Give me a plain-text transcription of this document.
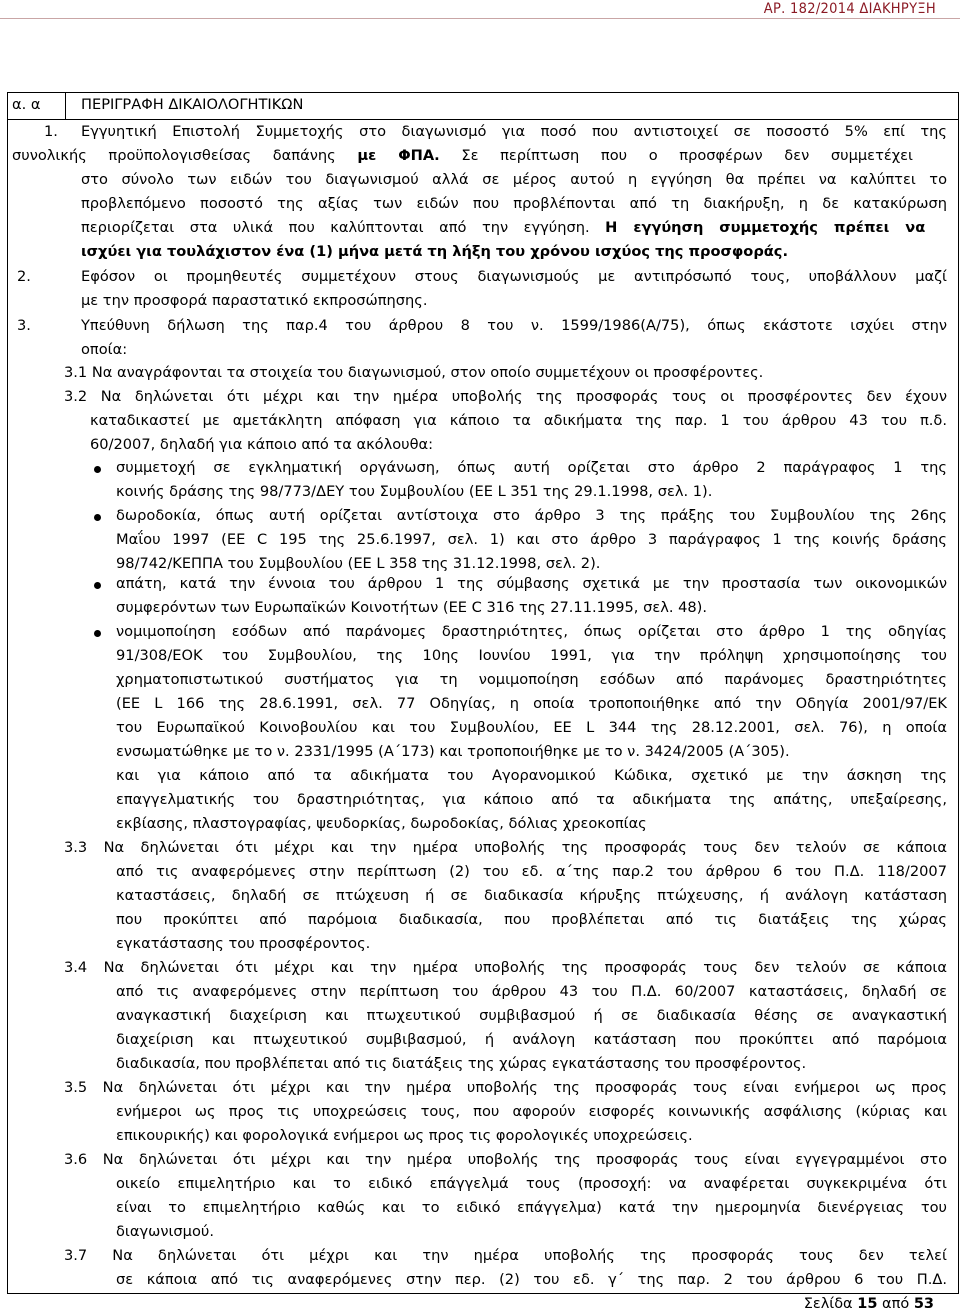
ΑΡ. 182/2014 ΔΙΑΚΗΡΥΞΗ
α. α	ΠΕΡΙΓΡΑΦΗ ΔΙΚΑΙΟΛΟΓΗΤΙΚΩΝ
1. Εγγυητική Επιστολή Συμμετοχής στο διαγωνισμό για ποσό που αντιστοιχεί σε ποσοστό 5% επί της
συνολικής προϋπολογισθείσας δαπάνης με ΦΠΑ. Σε περίπτωση που ο προσφέρων δεν συμμετέχει
στο σύνολο των ειδών του διαγωνισμού αλλά σε μέρος αυτού η εγγύηση θα πρέπει να καλύπτει το
προβλεπόμενο ποσοστό της αξίας των ειδών που προβλέπονται από τη διακήρυξη, η δε κατακύρωση
περιορίζεται στα υλικά που καλύπτονται από την εγγύηση. Η εγγύηση συμμετοχής πρέπει να
ισχύει για τουλάχιστον ένα (1) μήνα μετά τη λήξη του χρόνου ισχύος της προσφοράς.
2.	Εφόσον οι προμηθευτές συμμετέχουν στους διαγωνισμούς με αντιπρόσωπό τους, υποβάλλουν μαζί
με την προσφορά παραστατικό εκπροσώπησης.
3.	Υπεύθυνη δήλωση της παρ.4 του άρθρου 8 του ν. 1599/1986(Α/75), όπως εκάστοτε ισχύει στην
οποία:
3.1 Να αναγράφονται τα στοιχεία του διαγωνισμού, στον οποίο συμμετέχουν οι προσφέροντες.
3.2 Να δηλώνεται ότι μέχρι και την ημέρα υποβολής της προσφοράς τους οι προσφέροντες δεν έχουν
καταδικαστεί με αμετάκλητη απόφαση για κάποιο τα αδικήματα της παρ. 1 του άρθρου 43 του π.δ.
60/2007, δηλαδή για κάποιο από τα ακόλουθα:
συμμετοχή σε εγκληματική οργάνωση, όπως αυτή ορίζεται στο άρθρο 2 παράγραφος 1 της
κοινής δράσης της 98/773/ΔΕΥ του Συμβουλίου (ΕΕ L 351 της 29.1.1998, σελ. 1).
δωροδοκία, όπως αυτή ορίζεται αντίστοιχα στο άρθρο 3 της πράξης του Συμβουλίου της 26ης
Μαΐου 1997 (ΕΕ C 195 της 25.6.1997, σελ. 1) και στο άρθρο 3 παράγραφος 1 της κοινής δράσης
98/742/ΚΕΠΠΑ του Συμβουλίου (ΕΕ L 358 της 31.12.1998, σελ. 2).
απάτη, κατά την έννοια του άρθρου 1 της σύμβασης σχετικά με την προστασία των οικονομικών
συμφερόντων των Ευρωπαϊκών Κοινοτήτων (ΕΕ C 316 της 27.11.1995, σελ. 48).
νομιμοποίηση εσόδων από παράνομες δραστηριότητες, όπως ορίζεται στο άρθρο 1 της οδηγίας
91/308/ΕΟΚ του Συμβουλίου, της 10ης Ιουνίου 1991, για την πρόληψη χρησιμοποίησης του
χρηματοπιστωτικού συστήματος για τη νομιμοποίηση εσόδων από παράνομες δραστηριότητες
(ΕΕ L 166 της 28.6.1991, σελ. 77 Οδηγίας, η οποία τροποποιήθηκε από την Οδηγία 2001/97/ΕΚ
του Ευρωπαϊκού Κοινοβουλίου και του Συμβουλίου, ΕΕ L 344 της 28.12.2001, σελ. 76), η οποία
ενσωματώθηκε με το ν. 2331/1995 (Α΄173) και τροποποιήθηκε με το ν. 3424/2005 (Α΄305).
και για κάποιο από τα αδικήματα του Αγορανομικού Κώδικα, σχετικό με την άσκηση της
επαγγελματικής του δραστηριότητας, για κάποιο από τα αδικήματα της απάτης, υπεξαίρεσης,
εκβίασης, πλαστογραφίας, ψευδορκίας, δωροδοκίας, δόλιας χρεοκοπίας
3.3 Να δηλώνεται ότι μέχρι και την ημέρα υποβολής της προσφοράς τους δεν τελούν σε κάποια
από τις αναφερόμενες στην περίπτωση (2) του εδ. α΄της παρ.2 του άρθρου 6 του Π.Δ. 118/2007
καταστάσεις, δηλαδή σε πτώχευση ή σε διαδικασία κήρυξης πτώχευσης, ή ανάλογη κατάσταση
που προκύπτει από παρόμοια διαδικασία, που προβλέπεται από τις διατάξεις της χώρας
εγκατάστασης του προσφέροντος.
3.4 Να δηλώνεται ότι μέχρι και την ημέρα υποβολής της προσφοράς τους δεν τελούν σε κάποια
από τις αναφερόμενες στην περίπτωση του άρθρου 43 του Π.Δ. 60/2007 καταστάσεις, δηλαδή σε
αναγκαστική διαχείριση και πτωχευτικού συμβιβασμού ή σε διαδικασία θέσης σε αναγκαστική
διαχείριση και πτωχευτικού συμβιβασμού, ή ανάλογη κατάσταση που προκύπτει από παρόμοια
διαδικασία, που προβλέπεται από τις διατάξεις της χώρας εγκατάστασης του προσφέροντος.
3.5 Να δηλώνεται ότι μέχρι και την ημέρα υποβολής της προσφοράς τους είναι ενήμεροι ως προς
ενήμεροι ως προς τις υποχρεώσεις τους, που αφορούν εισφορές κοινωνικής ασφάλισης (κύριας και
επικουρικής) και φορολογικά ενήμεροι ως προς τις φορολογικές υποχρεώσεις.
3.6 Να δηλώνεται ότι μέχρι και την ημέρα υποβολής της προσφοράς τους είναι εγγεγραμμένοι στο
οικείο επιμελητήριο και το ειδικό επάγγελμά τους (προσοχή: να αναφέρεται συγκεκριμένα ότι
είναι το επιμελητήριο καθώς και το ειδικό επάγγελμα) κατά την ημερομηνία διενέργειας του
διαγωνισμού.
3.7 Να δηλώνεται ότι μέχρι και την ημέρα υποβολής της προσφοράς τους δεν τελεί
σε κάποια από τις αναφερόμενες στην περ. (2) του εδ. γ΄ της παρ. 2 του άρθρου 6 του Π.Δ.
Σελίδα 15 από 53
